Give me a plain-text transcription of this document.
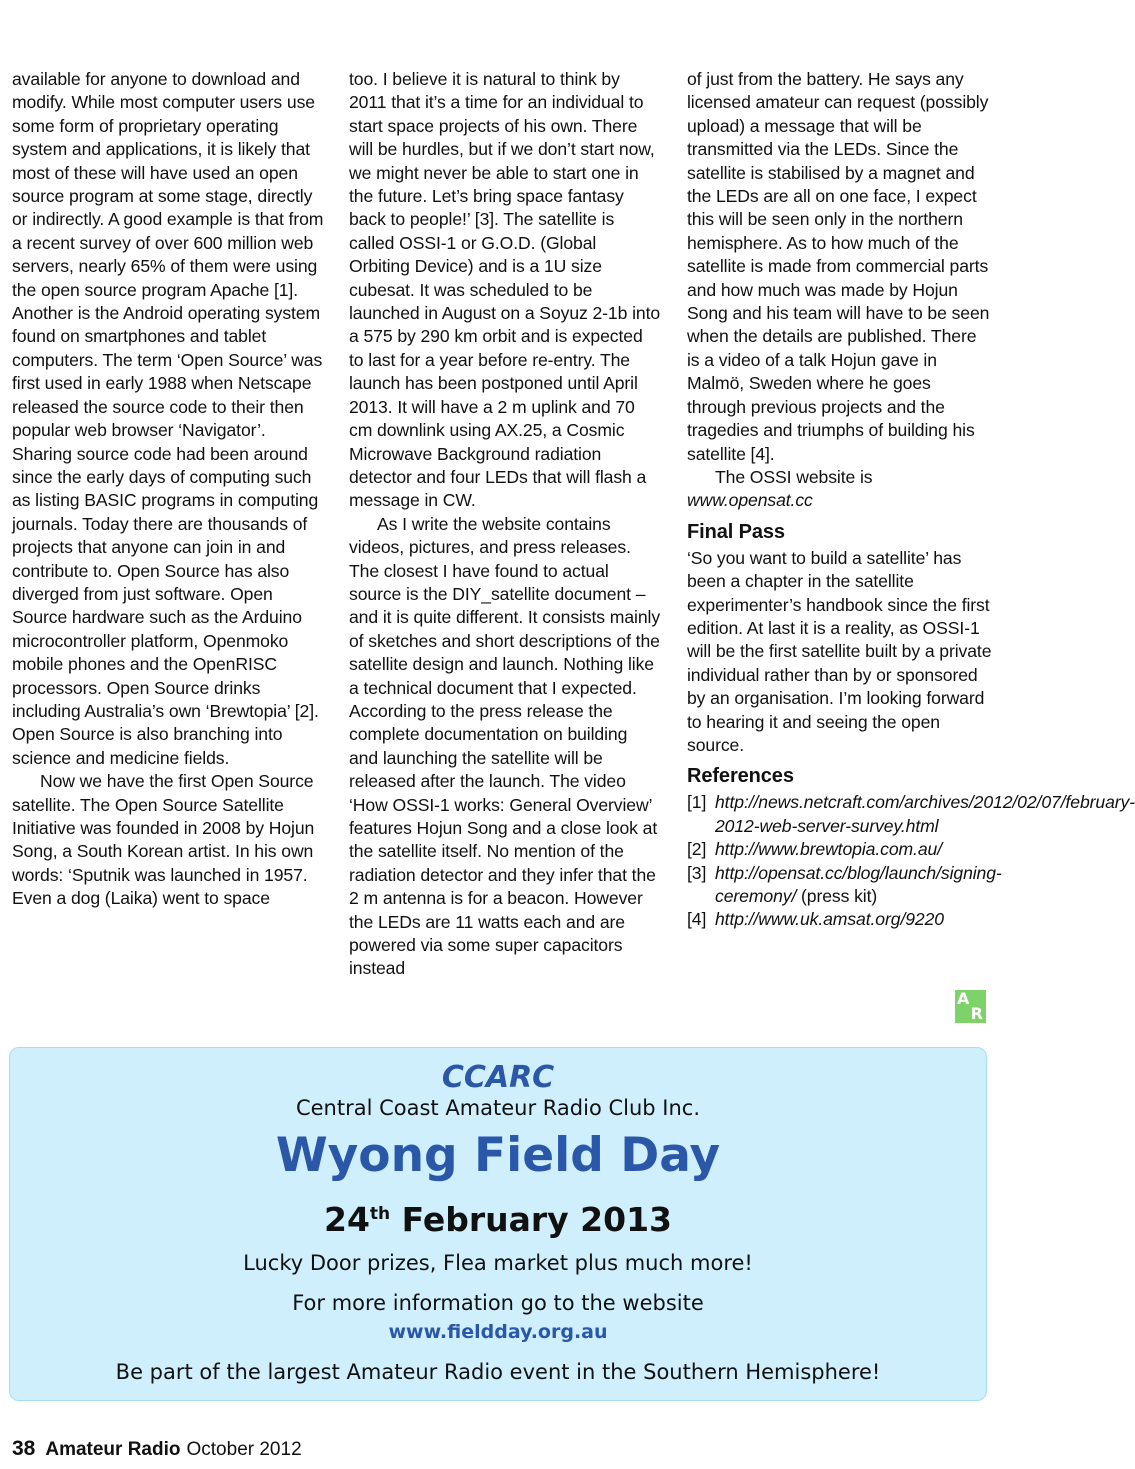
available for anyone to download and modify. While most computer users use some form of proprietary operating system and applications, it is likely that most of these will have used an open source program at some stage, directly or indirectly. A good example is that from a recent survey of over 600 million web servers, nearly 65% of them were using the open source program Apache [1]. Another is the Android operating system found on smartphones and tablet computers. The term ‘Open Source’ was first used in early 1988 when Netscape released the source code to their then popular web browser ‘Navigator’. Sharing source code had been around since the early days of computing such as listing BASIC programs in computing journals. Today there are thousands of projects that anyone can join in and contribute to. Open Source has also diverged from just software. Open Source hardware such as the Arduino microcontroller platform, Openmoko mobile phones and the OpenRISC processors. Open Source drinks including Australia’s own ‘Brewtopia’ [2]. Open Source is also branching into science and medicine fields.

Now we have the first Open Source satellite. The Open Source Satellite Initiative was founded in 2008 by Hojun Song, a South Korean artist. In his own words: ‘Sputnik was launched in 1957. Even a dog (Laika) went to space

too. I believe it is natural to think by 2011 that it’s a time for an individual to start space projects of his own. There will be hurdles, but if we don’t start now, we might never be able to start one in the future. Let’s bring space fantasy back to people!’ [3]. The satellite is called OSSI-1 or G.O.D. (Global Orbiting Device) and is a 1U size cubesat. It was scheduled to be launched in August on a Soyuz 2-1b into a 575 by 290 km orbit and is expected to last for a year before re-entry. The launch has been postponed until April 2013. It will have a 2 m uplink and 70 cm downlink using AX.25, a Cosmic Microwave Background radiation detector and four LEDs that will flash a message in CW.

As I write the website contains videos, pictures, and press releases. The closest I have found to actual source is the DIY_satellite document – and it is quite different. It consists mainly of sketches and short descriptions of the satellite design and launch. Nothing like a technical document that I expected. According to the press release the complete documentation on building and launching the satellite will be released after the launch. The video ‘How OSSI-1 works: General Overview’ features Hojun Song and a close look at the satellite itself. No mention of the radiation detector and they infer that the 2 m antenna is for a beacon. However the LEDs are 11 watts each and are powered via some super capacitors instead

of just from the battery. He says any licensed amateur can request (possibly upload) a message that will be transmitted via the LEDs. Since the satellite is stabilised by a magnet and the LEDs are all on one face, I expect this will be seen only in the northern hemisphere. As to how much of the satellite is made from commercial parts and how much was made by Hojun Song and his team will have to be seen when the details are published. There is a video of a talk Hojun gave in Malmö, Sweden where he goes through previous projects and the tragedies and triumphs of building his satellite [4].

The OSSI website is www.opensat.cc

Final Pass

‘So you want to build a satellite’ has been a chapter in the satellite experimenter’s handbook since the first edition. At last it is a reality, as OSSI-1 will be the first satellite built by a private individual rather than by or sponsored by an organisation. I’m looking forward to hearing it and seeing the open source.

References
[1] http://news.netcraft.com/archives/2012/02/07/february-2012-web-server-survey.html
[2] http://www.brewtopia.com.au/
[3] http://opensat.cc/blog/launch/signing-ceremony/ (press kit)
[4] http://www.uk.amsat.org/9220
A
R
CCARC
Central Coast Amateur Radio Club Inc.
Wyong Field Day
24th February 2013
Lucky Door prizes, Flea market plus much more!
For more information go to the website
www.fieldday.org.au
Be part of the largest Amateur Radio event in the Southern Hemisphere!
38 Amateur Radio October 2012
